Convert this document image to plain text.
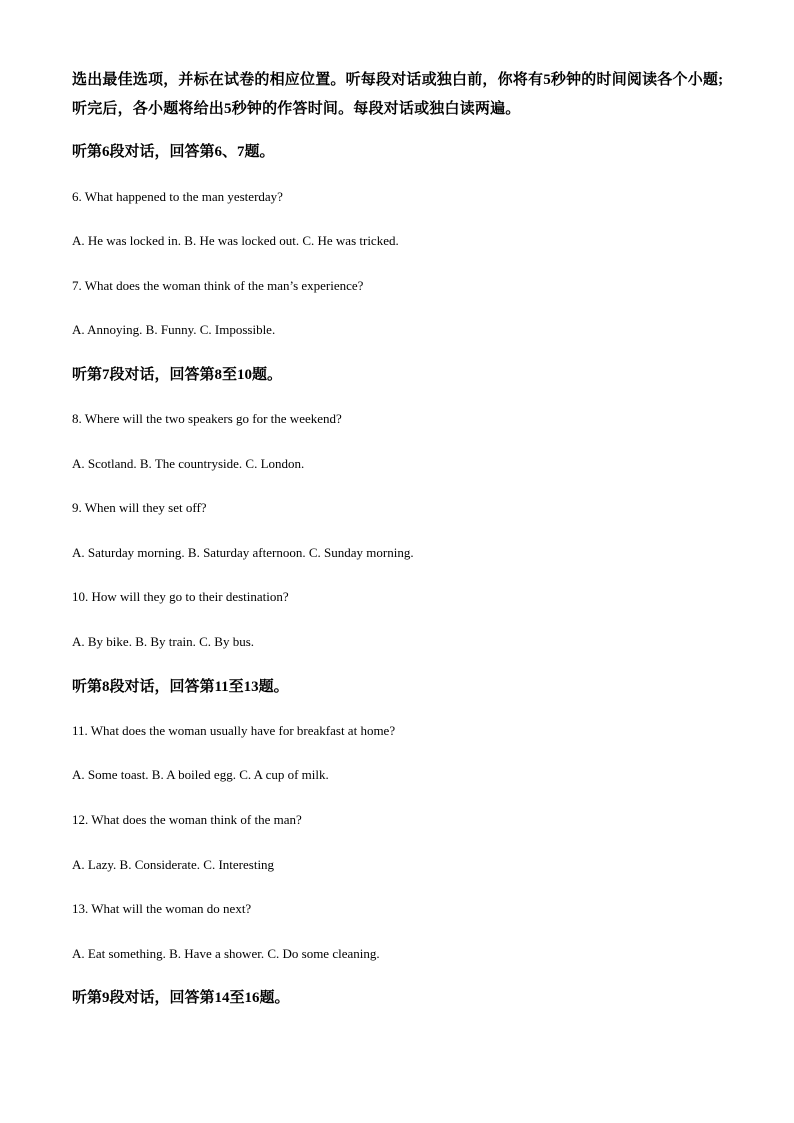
选出最佳选项，并标在试卷的相应位置。听每段对话或独白前，你将有5秒钟的时间阅读各个小题;听完后，各小题将给出5秒钟的作答时间。每段对话或独白读两遍。

听第6段对话，回答第6、7题。

6. What happened to the man yesterday?

A. He was locked in. B. He was locked out. C. He was tricked.

7. What does the woman think of the man’s experience?

A. Annoying. B. Funny. C. Impossible.

听第7段对话，回答第8至10题。

8. Where will the two speakers go for the weekend?

A. Scotland. B. The countryside. C. London.

9. When will they set off?

A. Saturday morning. B. Saturday afternoon. C. Sunday morning.

10. How will they go to their destination?

A. By bike. B. By train. C. By bus.

听第8段对话，回答第11至13题。

11. What does the woman usually have for breakfast at home?

A. Some toast. B. A boiled egg. C. A cup of milk.

12. What does the woman think of the man?

A. Lazy. B. Considerate. C. Interesting

13. What will the woman do next?

A. Eat something. B. Have a shower. C. Do some cleaning.

听第9段对话，回答第14至16题。
